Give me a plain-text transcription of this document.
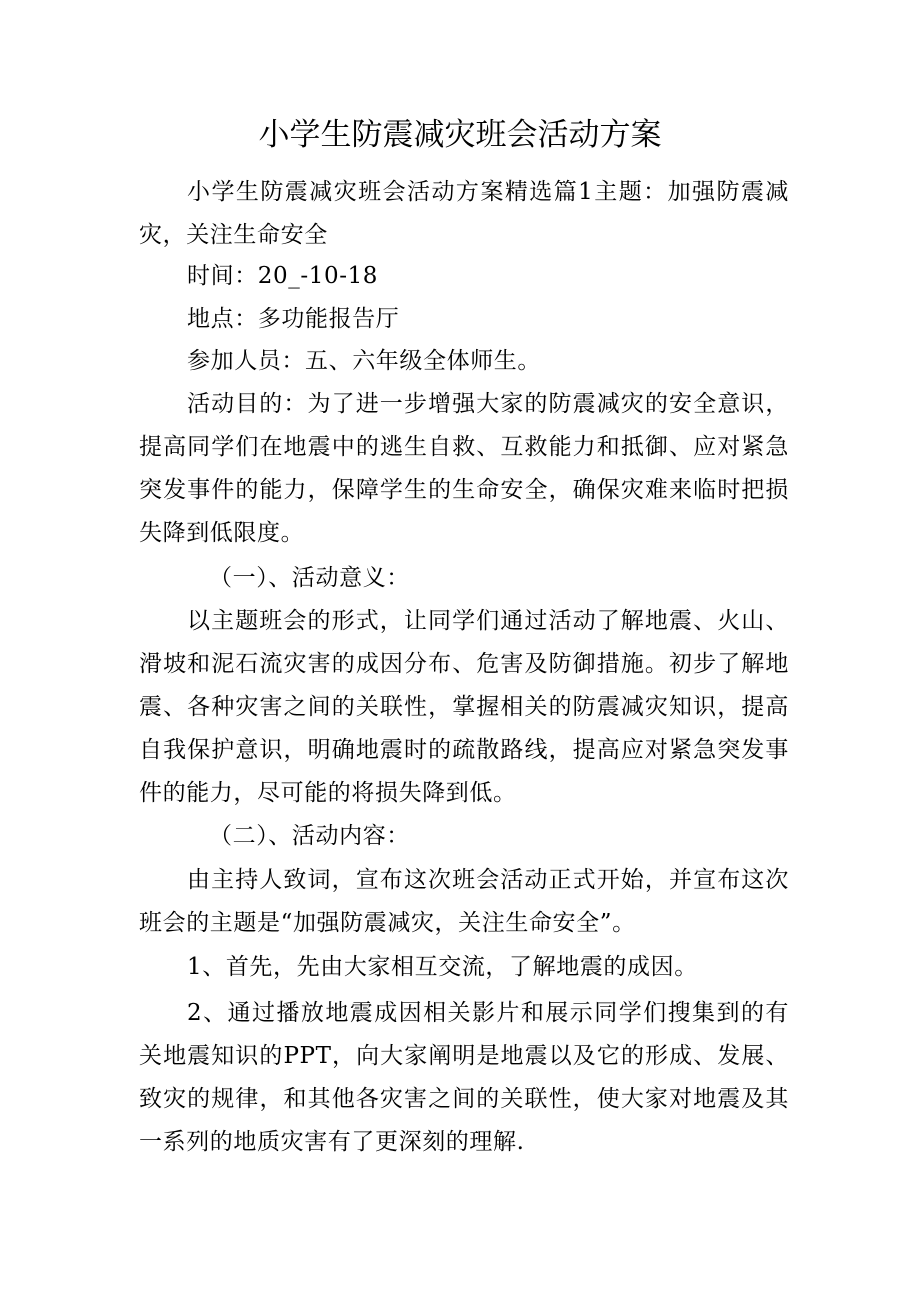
小学生防震减灾班会活动方案

小学生防震减灾班会活动方案精选篇1主题：加强防震减灾，关注生命安全

时间：20_-10-18

地点：多功能报告厅

参加人员：五、六年级全体师生。

活动目的：为了进一步增强大家的防震减灾的安全意识，提高同学们在地震中的逃生自救、互救能力和抵御、应对紧急突发事件的能力，保障学生的生命安全，确保灾难来临时把损失降到低限度。

（一）、活动意义：

以主题班会的形式，让同学们通过活动了解地震、火山、滑坡和泥石流灾害的成因分布、危害及防御措施。初步了解地震、各种灾害之间的关联性，掌握相关的防震减灾知识，提高自我保护意识，明确地震时的疏散路线，提高应对紧急突发事件的能力，尽可能的将损失降到低。

（二）、活动内容：

由主持人致词，宣布这次班会活动正式开始，并宣布这次班会的主题是“加强防震减灾，关注生命安全”。

1、首先，先由大家相互交流，了解地震的成因。

2、通过播放地震成因相关影片和展示同学们搜集到的有关地震知识的PPT，向大家阐明是地震以及它的形成、发展、致灾的规律，和其他各灾害之间的关联性，使大家对地震及其一系列的地质灾害有了更深刻的理解.
